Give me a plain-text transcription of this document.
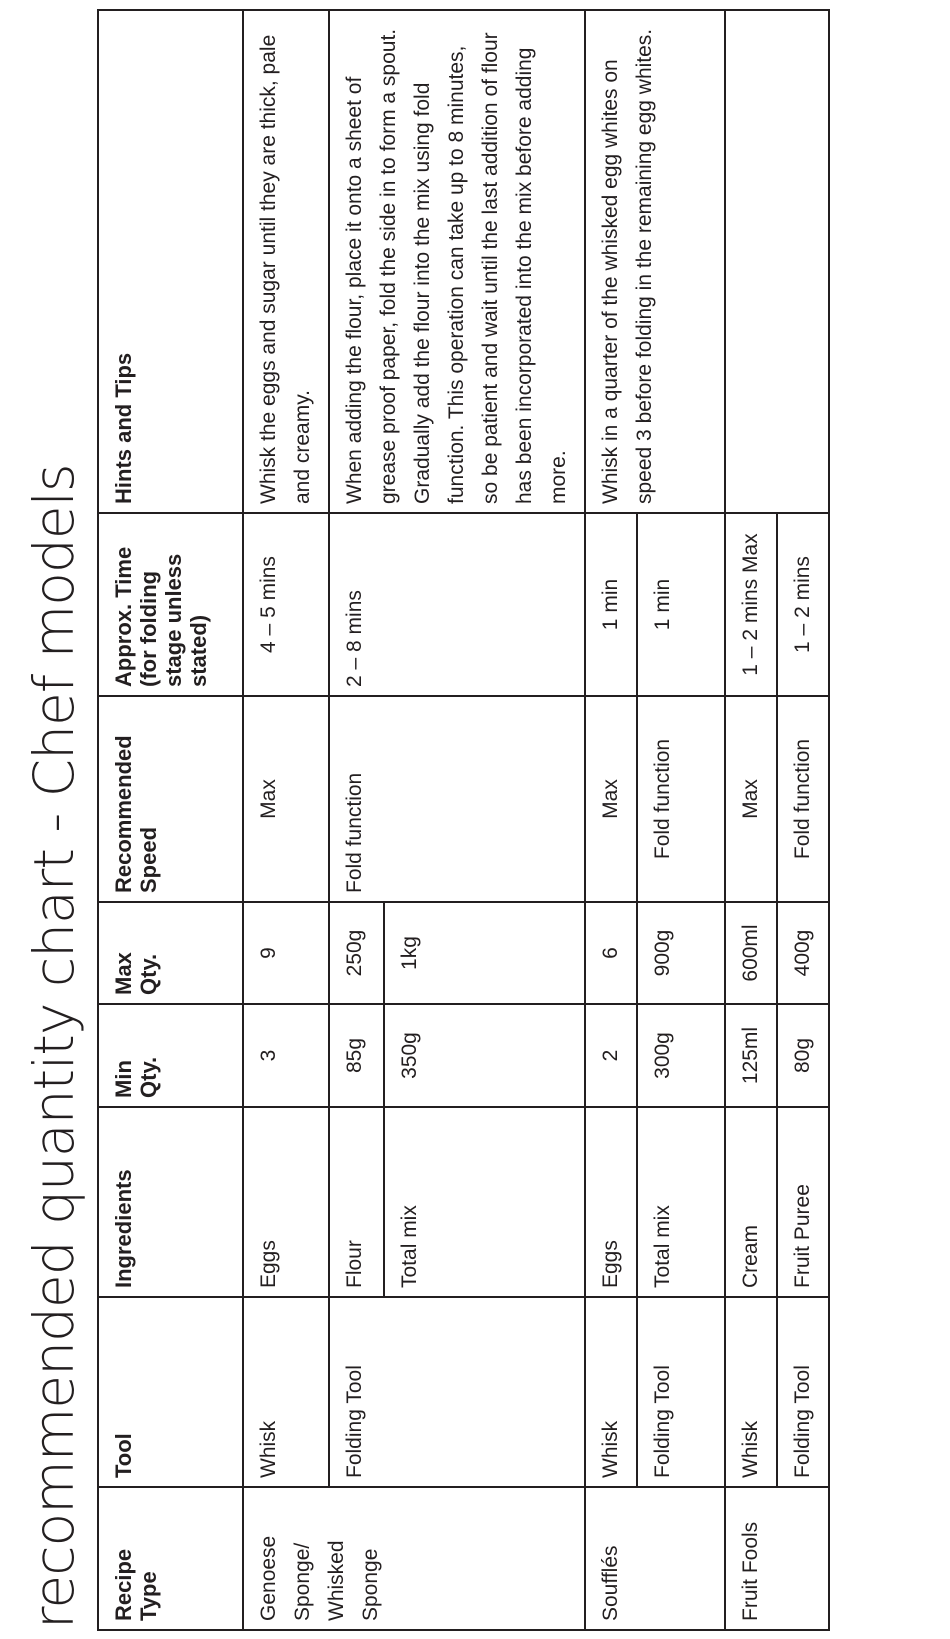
recommended quantity chart - Chef models Recipe Type	Tool	Ingredients	Min Qty.	Max Qty.	Recommended Speed	Approx. Time (for folding stage unless stated)	Hints and Tips
Genoese Sponge/ Whisked Sponge	Whisk	Eggs	3	9	Max	4 – 5 mins	Whisk the eggs and sugar until they are thick, pale and creamy.
	Folding Tool	Flour	85g	250g	Fold function	2 – 8 mins	When adding the flour, place it onto a sheet of grease proof paper, fold the side in to form a spout. Gradually add the flour into the mix using fold function. This operation can take up to 8 minutes, so be patient and wait until the last addition of flour has been incorporated into the mix before adding more.
		Total mix	350g	1kg			
Soufflés	Whisk	Eggs	2	6	Max	1 min	Whisk in a quarter of the whisked egg whites on speed 3 before folding in the remaining egg whites.
	Folding Tool	Total mix	300g	900g	Fold function	1 min	
Fruit Fools	Whisk	Cream	125ml	600ml	Max	1 – 2 mins Max	
	Folding Tool	Fruit Puree	80g	400g	Fold function	1 – 2 mins	
